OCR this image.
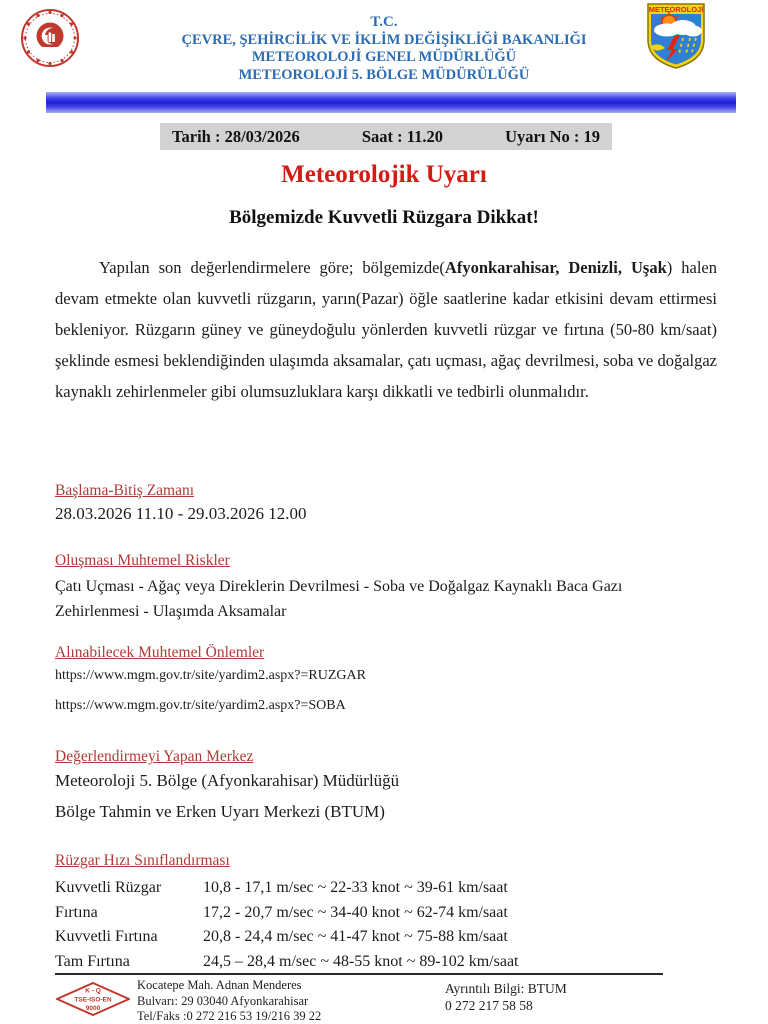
T.C.
ÇEVRE, ŞEHİRCİLİK VE İKLİM DEĞİŞİKLİĞİ BAKANLIĞI
METEOROLOJİ GENEL MÜDÜRLÜĞÜ
METEOROLOJİ 5. BÖLGE MÜDÜRÜLÜĞÜ
METEOROLOJİ
Tarih : 28/03/2026	Saat : 11.20	Uyarı No : 19
Meteorolojik Uyarı
Bölgemizde Kuvvetli Rüzgara Dikkat!
Yapılan son değerlendirmelere göre; bölgemizde(Afyonkarahisar, Denizli, Uşak) halen devam etmekte olan kuvvetli rüzgarın, yarın(Pazar) öğle saatlerine kadar etkisini devam ettirmesi bekleniyor. Rüzgarın güney ve güneydoğulu yönlerden kuvvetli rüzgar ve fırtına (50-80 km/saat) şeklinde esmesi beklendiğinden ulaşımda aksamalar, çatı uçması, ağaç devrilmesi, soba ve doğalgaz kaynaklı zehirlenmeler gibi olumsuzluklara karşı dikkatli ve tedbirli olunmalıdır.
Başlama-Bitiş Zamanı
28.03.2026 11.10 - 29.03.2026 12.00
Oluşması Muhtemel Riskler
Çatı Uçması - Ağaç veya Direklerin Devrilmesi - Soba ve Doğalgaz Kaynaklı Baca Gazı Zehirlenmesi - Ulaşımda Aksamalar
Alınabilecek Muhtemel Önlemler
https://www.mgm.gov.tr/site/yardim2.aspx?=RUZGAR
https://www.mgm.gov.tr/site/yardim2.aspx?=SOBA
Değerlendirmeyi Yapan Merkez
Meteoroloji 5. Bölge (Afyonkarahisar) Müdürlüğü
Bölge Tahmin ve Erken Uyarı Merkezi (BTUM)
Rüzgar Hızı Sınıflandırması
Kuvvetli Rüzgar	10,8 - 17,1 m/sec ~ 22-33 knot ~ 39-61 km/saat
Fırtına	17,2 - 20,7 m/sec ~ 34-40 knot ~ 62-74 km/saat
Kuvvetli Fırtına	20,8 - 24,4 m/sec ~ 41-47 knot ~ 75-88 km/saat
Tam Fırtına	24,5 – 28,4 m/sec ~ 48-55 knot ~ 89-102 km/saat
K - Q
TSE-ISO-EN
9000
Kocatepe Mah. Adnan Menderes
Bulvarı: 29 03040 Afyonkarahisar
Tel/Faks :0 272 216 53 19/216 39 22
Ayrıntılı Bilgi: BTUM
0 272 217 58 58
